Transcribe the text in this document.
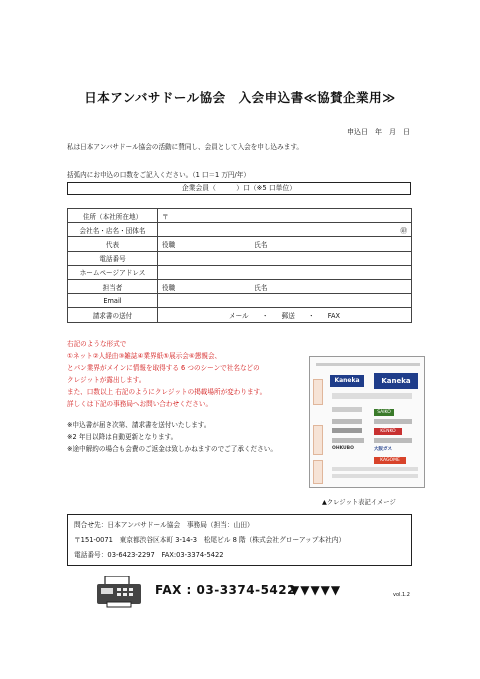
日本アンバサドール協会　入会申込書≪協賛企業用≫
申込日　年　月　日
私は日本アンバサドール協会の活動に賛同し、会員として入会を申し込みます。
括弧内にお申込の口数をご記入ください。（1 口＝1 万円/年）
企業会員（　　　）口（※5 口単位）
住所（本社所在地）	〒
会社名・店名・団体名	㊞
代表	役職　　　　　　　　　　　　氏名
電話番号	
ホームページアドレス	
担当者	役職　　　　　　　　　　　　氏名
Email	
請求書の送付	メール　　・　　郵送　　・　　FAX
右記のような形式で
①ネット②人経由③雑誌④業界紙⑤展示会⑥懇親会、
とパン業界がメインに情報を取得する 6 つのシーンで社名などの
クレジットが露出します。
また、口数以上 右記のようにクレジットの掲載場所が変わります。
詳しくは下記の事務局へお問い合わせください。
※申込書が届き次第、請求書を送付いたします。
※2 年目以降は自動更新となります。
※途中解約の場合も会費のご返金は致しかねますのでご了承ください。
Kaneka	Kaneka
SAIKO
KENKO
OHKUBO	大阪ガス
KAGOME
▲クレジット表記イメージ
問合せ先：日本アンバサドール協会　事務局（担当：山田）
〒151-0071　東京都渋谷区本町 3-14-3　松尾ビル 8 階（株式会社グローアップ本社内）
電話番号：03-6423-2297　FAX:03-3374-5422
FAX : 03-3374-5422
▼▼▼▼▼	vol.1.2
